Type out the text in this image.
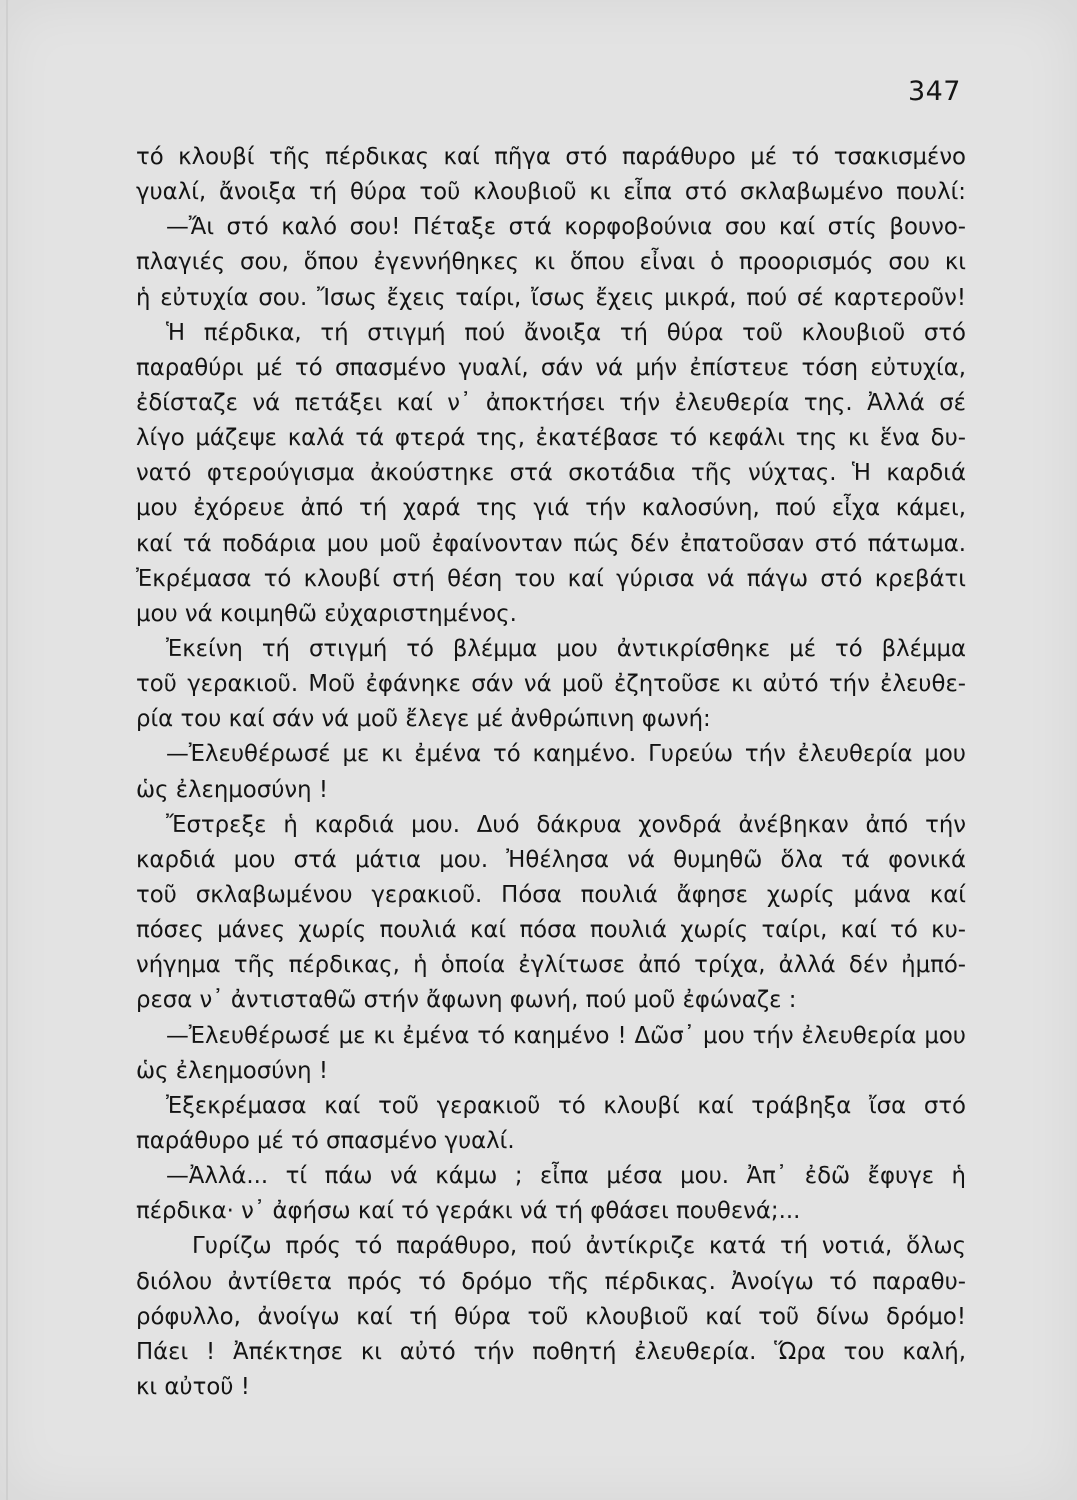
347
τό κλουβί τῆς πέρδικας καί πῆγα στό παράθυρο μέ τό τσακισμένο
γυαλί, ἄνοιξα τή θύρα τοῦ κλουβιοῦ κι εἶπα στό σκλαβωμένο πουλί:
—Ἄι στό καλό σου! Πέταξε στά κορφοβούνια σου καί στίς βουνο-
πλαγιές σου, ὅπου ἐγεννήθηκες κι ὅπου εἶναι ὁ προορισμός σου κι
ἡ εὐτυχία σου. Ἴσως ἔχεις ταίρι, ἴσως ἔχεις μικρά, πού σέ καρτεροῦν!
Ἡ πέρδικα, τή στιγμή πού ἄνοιξα τή θύρα τοῦ κλουβιοῦ στό
παραθύρι μέ τό σπασμένο γυαλί, σάν νά μήν ἐπίστευε τόση εὐτυχία,
ἐδίσταζε νά πετάξει καί ν᾽ ἀποκτήσει τήν ἐλευθερία της. Ἀλλά σέ
λίγο μάζεψε καλά τά φτερά της, ἐκατέβασε τό κεφάλι της κι ἕνα δυ-
νατό φτερούγισμα ἀκούστηκε στά σκοτάδια τῆς νύχτας. Ἡ καρδιά
μου ἐχόρευε ἀπό τή χαρά της γιά τήν καλοσύνη, πού εἶχα κάμει,
καί τά ποδάρια μου μοῦ ἐφαίνονταν πώς δέν ἐπατοῦσαν στό πάτωμα.
Ἐκρέμασα τό κλουβί στή θέση του καί γύρισα νά πάγω στό κρεβάτι
μου νά κοιμηθῶ εὐχαριστημένος.
Ἐκείνη τή στιγμή τό βλέμμα μου ἀντικρίσθηκε μέ τό βλέμμα
τοῦ γερακιοῦ. Μοῦ ἐφάνηκε σάν νά μοῦ ἐζητοῦσε κι αὐτό τήν ἐλευθε-
ρία του καί σάν νά μοῦ ἔλεγε μέ ἀνθρώπινη φωνή:
—Ἐλευθέρωσέ με κι ἐμένα τό καημένο. Γυρεύω τήν ἐλευθερία μου
ὡς ἐλεημοσύνη !
Ἔστρεξε ἡ καρδιά μου. Δυό δάκρυα χονδρά ἀνέβηκαν ἀπό τήν
καρδιά μου στά μάτια μου. Ἠθέλησα νά θυμηθῶ ὅλα τά φονικά
τοῦ σκλαβωμένου γερακιοῦ. Πόσα πουλιά ἄφησε χωρίς μάνα καί
πόσες μάνες χωρίς πουλιά καί πόσα πουλιά χωρίς ταίρι, καί τό κυ-
νήγημα τῆς πέρδικας, ἡ ὁποία ἐγλίτωσε ἀπό τρίχα, ἀλλά δέν ἠμπό-
ρεσα ν᾽ ἀντισταθῶ στήν ἄφωνη φωνή, πού μοῦ ἐφώναζε :
—Ἐλευθέρωσέ με κι ἐμένα τό καημένο ! Δῶσ᾽ μου τήν ἐλευθερία μου
ὡς ἐλεημοσύνη !
Ἐξεκρέμασα καί τοῦ γερακιοῦ τό κλουβί καί τράβηξα ἴσα στό
παράθυρο μέ τό σπασμένο γυαλί.
—Ἀλλά... τί πάω νά κάμω ; εἶπα μέσα μου. Ἀπ᾽ ἐδῶ ἔφυγε ἡ
πέρδικα· ν᾽ ἀφήσω καί τό γεράκι νά τή φθάσει πουθενά;...
Γυρίζω πρός τό παράθυρο, πού ἀντίκριζε κατά τή νοτιά, ὅλως
διόλου ἀντίθετα πρός τό δρόμο τῆς πέρδικας. Ἀνοίγω τό παραθυ-
ρόφυλλο, ἀνοίγω καί τή θύρα τοῦ κλουβιοῦ καί τοῦ δίνω δρόμο!
Πάει ! Ἀπέκτησε κι αὐτό τήν ποθητή ἐλευθερία. Ὥρα του καλή,
κι αὐτοῦ !
